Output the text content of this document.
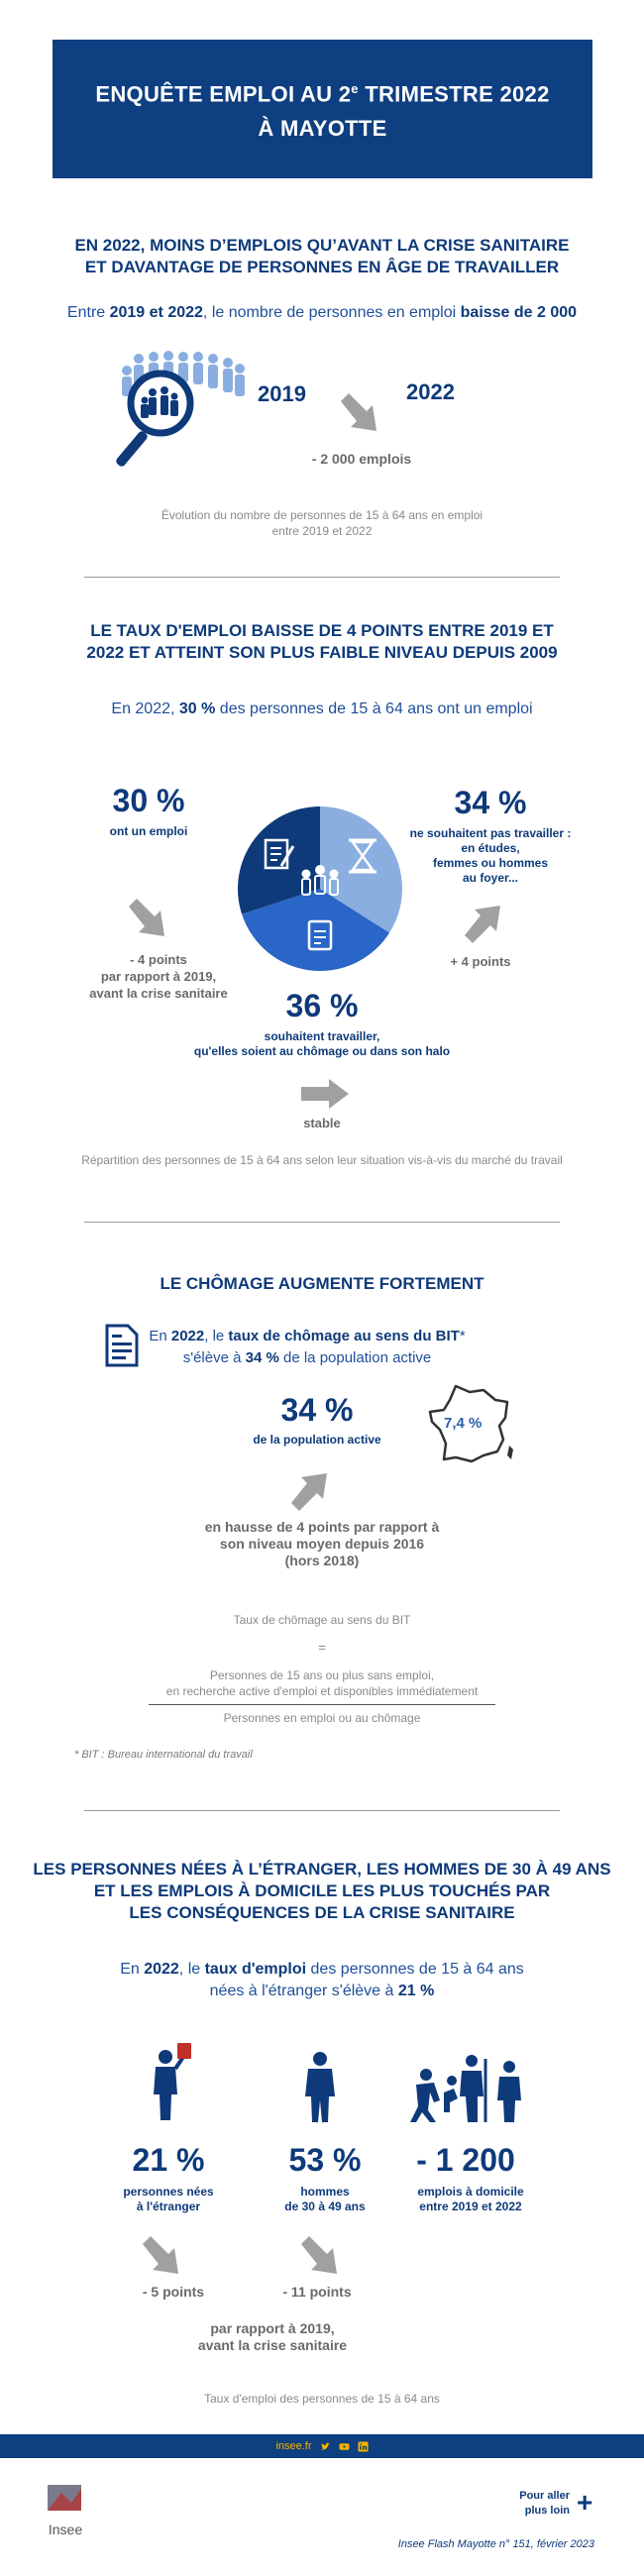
ENQUÊTE EMPLOI AU 2e TRIMESTRE 2022
À MAYOTTE
EN 2022, MOINS D’EMPLOIS QU’AVANT LA CRISE SANITAIRE
ET DAVANTAGE DE PERSONNES EN ÂGE DE TRAVAILLER
Entre 2019 et 2022, le nombre de personnes en emploi baisse de 2 000
2019	2022
- 2 000 emplois
Évolution du nombre de personnes de 15 à 64 ans en emploi
entre 2019 et 2022
LE TAUX D'EMPLOI BAISSE DE 4 POINTS ENTRE 2019 ET
2022 ET ATTEINT SON PLUS FAIBLE NIVEAU DEPUIS 2009
En 2022, 30 % des personnes de 15 à 64 ans ont un emploi
30 %
ont un emploi
- 4 points
par rapport à 2019,
avant la crise sanitaire
34 %
ne souhaitent pas travailler :
en études,
femmes ou hommes
au foyer...
+ 4 points
36 %
souhaitent travailler,
qu'elles soient au chômage ou dans son halo
stable
Répartition des personnes de 15 à 64 ans selon leur situation vis-à-vis du marché du travail
LE CHÔMAGE AUGMENTE FORTEMENT
En 2022, le taux de chômage au sens du BIT*
s'élève à 34 % de la population active
34 %
de la population active
7,4 %
en hausse de 4 points par rapport à
son niveau moyen depuis 2016
(hors 2018)
Taux de chômage au sens du BIT
=
Personnes de 15 ans ou plus sans emploi,
en recherche active d'emploi et disponibles immédiatement
Personnes en emploi ou au chômage
* BIT : Bureau international du travail
LES PERSONNES NÉES À L’ÉTRANGER, LES HOMMES DE 30 À 49 ANS
ET LES EMPLOIS À DOMICILE LES PLUS TOUCHÉS PAR
LES CONSÉQUENCES DE LA CRISE SANITAIRE
En 2022, le taux d'emploi des personnes de 15 à 64 ans
nées à l'étranger s'élève à 21 %
21 %
personnes nées
à l'étranger
53 %
hommes
de 30 à 49 ans
- 1 200
emplois à domicile
entre 2019 et 2022
- 5 points	- 11 points
par rapport à 2019,
avant la crise sanitaire
Taux d'emploi des personnes de 15 à 64 ans
insee.fr
Insee
Pour aller
plus loin +
Insee Flash Mayotte n° 151, février 2023
